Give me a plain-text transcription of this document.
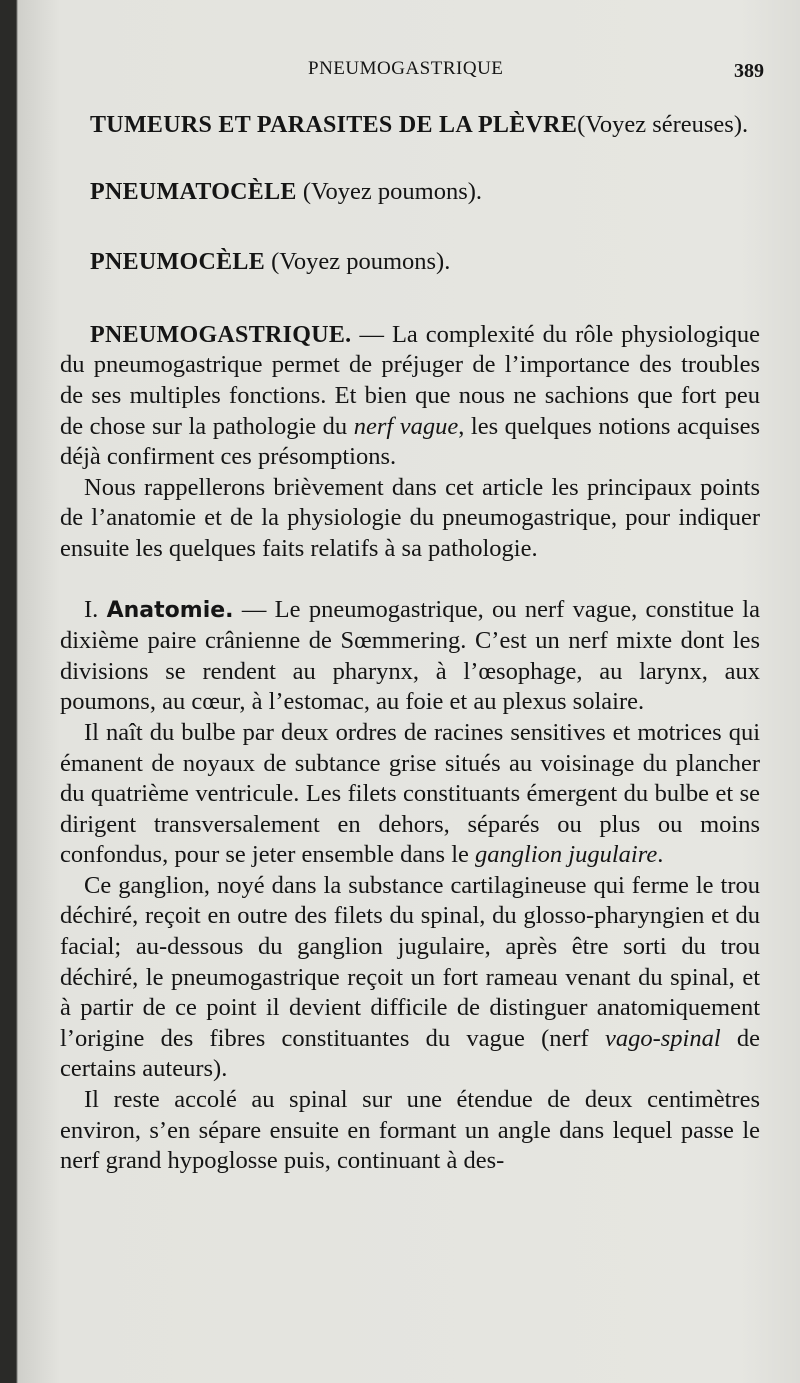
PNEUMOGASTRIQUE	389

TUMEURS ET PARASITES DE LA PLÈVRE(Voyez séreuses).

PNEUMATOCÈLE (Voyez poumons).

PNEUMOCÈLE (Voyez poumons).

PNEUMOGASTRIQUE. — La complexité du rôle physiologique du pneumogastrique permet de préjuger de l’importance des troubles de ses multiples fonctions. Et bien que nous ne sachions que fort peu de chose sur la pathologie du nerf vague, les quelques notions acquises déjà confirment ces présomptions.

Nous rappellerons brièvement dans cet article les principaux points de l’anatomie et de la physiologie du pneumogastrique, pour indiquer ensuite les quelques faits relatifs à sa pathologie.

I. Anatomie. — Le pneumogastrique, ou nerf vague, constitue la dixième paire crânienne de Sœmmering. C’est un nerf mixte dont les divisions se rendent au pharynx, à l’œsophage, au larynx, aux poumons, au cœur, à l’estomac, au foie et au plexus solaire.

Il naît du bulbe par deux ordres de racines sensitives et motrices qui émanent de noyaux de subtance grise situés au voisinage du plancher du quatrième ventricule. Les filets constituants émergent du bulbe et se dirigent transversalement en dehors, séparés ou plus ou moins confondus, pour se jeter ensemble dans le ganglion jugulaire.

Ce ganglion, noyé dans la substance cartilagineuse qui ferme le trou déchiré, reçoit en outre des filets du spinal, du glosso-pharyngien et du facial; au-dessous du ganglion jugulaire, après être sorti du trou déchiré, le pneumogastrique reçoit un fort rameau venant du spinal, et à partir de ce point il devient difficile de distinguer anatomiquement l’origine des fibres constituantes du vague (nerf vago-spinal de certains auteurs).

Il reste accolé au spinal sur une étendue de deux centimètres environ, s’en sépare ensuite en formant un angle dans lequel passe le nerf grand hypoglosse puis, continuant à des-
